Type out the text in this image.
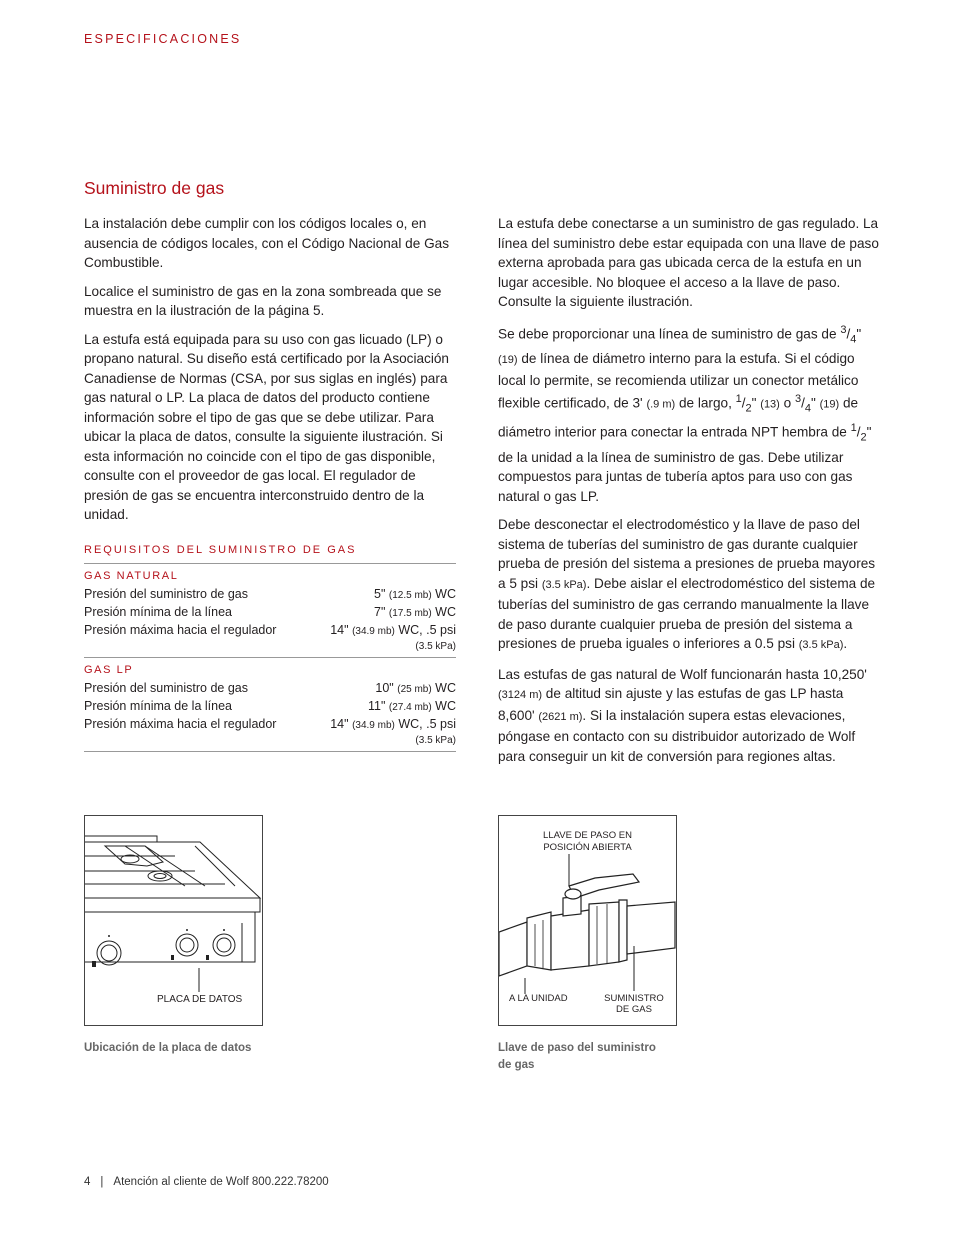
ESPECIFICACIONES
Suministro de gas

La instalación debe cumplir con los códigos locales o, en ausencia de códigos locales, con el Código Nacional de Gas Combustible.

Localice el suministro de gas en la zona sombreada que se muestra en la ilustración de la página 5.

La estufa está equipada para su uso con gas licuado (LP) o propano natural. Su diseño está certificado por la Asociación Canadiense de Normas (CSA, por sus siglas en inglés) para gas natural o LP. La placa de datos del producto contiene información sobre el tipo de gas que se debe utilizar. Para ubicar la placa de datos, consulte la siguiente ilustración. Si esta información no coincide con el tipo de gas disponible, consulte con el proveedor de gas local. El regulador de presión de gas se encuentra interconstruido dentro de la unidad.

REQUISITOS DEL SUMINISTRO DE GAS
GAS NATURAL
Presión del suministro de gas	5" (12.5 mb) WC
Presión mínima de la línea	7" (17.5 mb) WC
Presión máxima hacia el regulador	14" (34.9 mb) WC, .5 psi
(3.5 kPa)
GAS LP
Presión del suministro de gas	10" (25 mb) WC
Presión mínima de la línea	11" (27.4 mb) WC
Presión máxima hacia el regulador	14" (34.9 mb) WC, .5 psi
(3.5 kPa)

La estufa debe conectarse a un suministro de gas regulado. La línea del suministro debe estar equipada con una llave de paso externa aprobada para gas ubicada cerca de la estufa en un lugar accesible. No bloquee el acceso a la llave de paso. Consulte la siguiente ilustración.

Se debe proporcionar una línea de suministro de gas de $^3/_4$" (19) de línea de diámetro interno para la estufa. Si el código local lo permite, se recomienda utilizar un conector metálico flexible certificado, de 3' (.9 m) de largo, $^1/_2$" (13) o $^3/_4$" (19) de diámetro interior para conectar la entrada NPT hembra de $^1/_2$" de la unidad a la línea de suministro de gas. Debe utilizar compuestos para juntas de tubería aptos para uso con gas natural o gas LP.

Debe desconectar el electrodoméstico y la llave de paso del sistema de tuberías del suministro de gas durante cualquier prueba de presión del sistema a presiones de prueba mayores a 5 psi (3.5 kPa). Debe aislar el electrodoméstico del sistema de tuberías del suministro de gas cerrando manualmente la llave de paso durante cualquier prueba de presión del sistema a presiones de prueba iguales o inferiores a 0.5 psi (3.5 kPa).

Las estufas de gas natural de Wolf funcionarán hasta 10,250' (3124 m) de altitud sin ajuste y las estufas de gas LP hasta 8,600' (2621 m). Si la instalación supera estas elevaciones, póngase en contacto con su distribuidor autorizado de Wolf para conseguir un kit de conversión para regiones altas.

PLACA DE DATOS
Ubicación de la placa de datos
LLAVE DE PASO EN
POSICIÓN ABIERTA
A LA UNIDAD	SUMINISTRO
DE GAS
Llave de paso del suministro
de gas
4 | Atención al cliente de Wolf 800.222.78200
